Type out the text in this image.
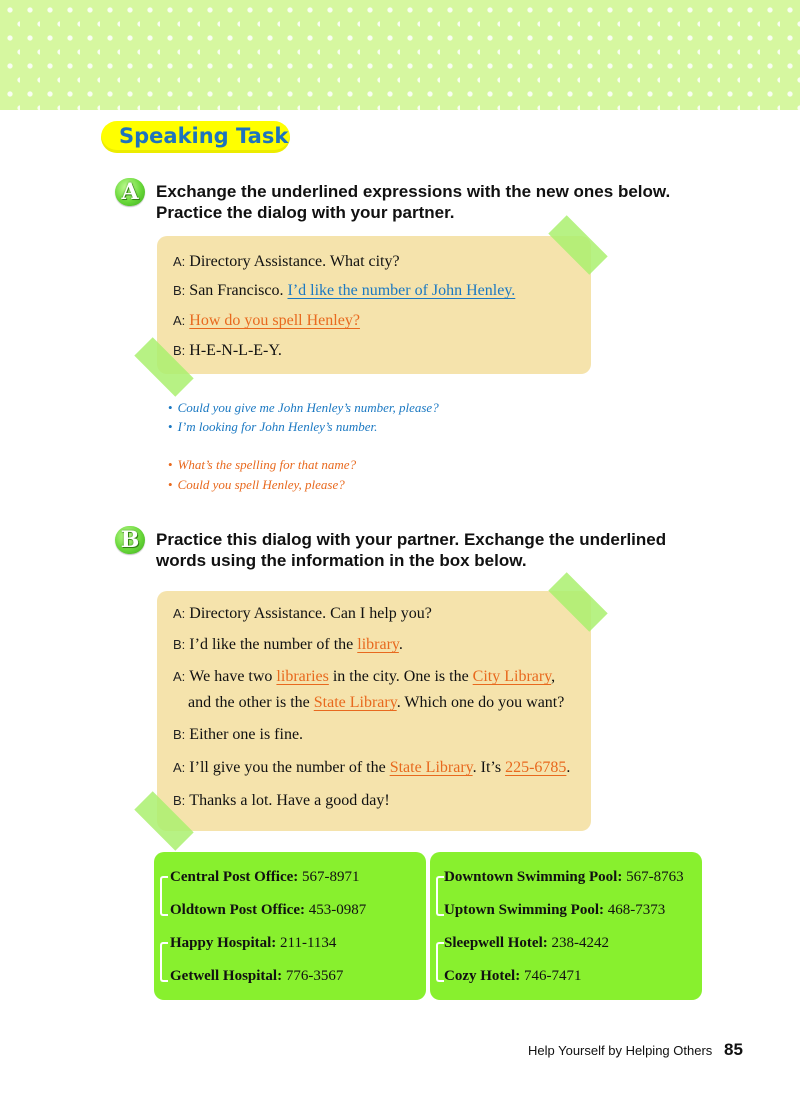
Speaking Task
A	Exchange the underlined expressions with the new ones below.
Practice the dialog with your partner.
A: Directory Assistance. What city?
B: San Francisco. I’d like the number of John Henley.
A: How do you spell Henley?
B: H-E-N-L-E-Y.
• Could you give me John Henley’s number, please?
• I’m looking for John Henley’s number.
• What’s the spelling for that name?
• Could you spell Henley, please?
B Practice this dialog with your partner. Exchange the underlined
words using the information in the box below.
A: Directory Assistance. Can I help you?
B: I’d like the number of the library.
A: We have two libraries in the city. One is the City Library,
and the other is the State Library. Which one do you want?
B: Either one is fine.
A: I’ll give you the number of the State Library. It’s 225-6785.
B: Thanks a lot. Have a good day!
Central Post Office: 567-8971
Oldtown Post Office: 453-0987
Happy Hospital: 211-1134
Getwell Hospital: 776-3567
Downtown Swimming Pool: 567-8763
Uptown Swimming Pool: 468-7373
Sleepwell Hotel: 238-4242
Cozy Hotel: 746-7471
Help Yourself by Helping Others 85
